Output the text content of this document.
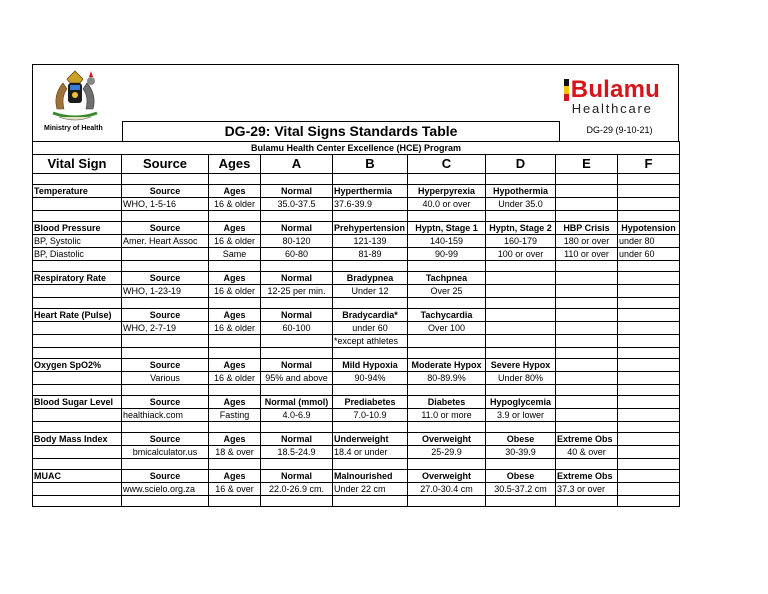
Ministry of Health
Bulamu
Healthcare
DG-29: Vital Signs Standards Table	DG-29 (9-10-21)
Bulamu Health Center Excellence (HCE) Program								
Vital Sign	Source	Ages	A	B	C	D	E	F

Temperature	Source	Ages	Normal	Hyperthermia	Hyperpyrexia	Hypothermia		
	WHO, 1-5-16	16 & older	35.0-37.5	37.6-39.9	40.0 or over	Under 35.0		

Blood Pressure	Source	Ages	Normal	Prehypertension	Hyptn, Stage 1	Hyptn, Stage 2	HBP Crisis	Hypotension
BP, Systolic	Amer. Heart Assoc	16 & older	80-120	121-139	140-159	160-179	180 or over	under 80
BP, Diastolic		Same	60-80	81-89	90-99	100 or over	110 or over	under 60

Respiratory Rate	Source	Ages	Normal	Bradypnea	Tachpnea			
	WHO, 1-23-19	16 & older	12-25 per min.	Under 12	Over 25			

Heart Rate (Pulse)	Source	Ages	Normal	Bradycardia*	Tachycardia			
	WHO, 2-7-19	16 & older	60-100	under 60	Over 100			
				*except athletes				

Oxygen SpO2%	Source	Ages	Normal	Mild Hypoxia	Moderate Hypox	Severe Hypox		
	Various	16 & older	95% and above	90-94%	80-89.9%	Under 80%		

Blood Sugar Level	Source	Ages	Normal (mmol)	Prediabetes	Diabetes	Hypoglycemia		
	healthiack.com	Fasting	4.0-6.9	7.0-10.9	11.0 or more	3.9 or lower		

Body Mass Index	Source	Ages	Normal	Underweight	Overweight	Obese	Extreme Obs	
	bmicalculator.us	18 & over	18.5-24.9	18.4 or under	25-29.9	30-39.9	40 & over	

MUAC	Source	Ages	Normal	Malnourished	Overweight	Obese	Extreme Obs	
	www.scielo.org.za	16 & over	22.0-26.9 cm.	Under 22 cm	27.0-30.4 cm	30.5-37.2 cm	37.3 or over	
